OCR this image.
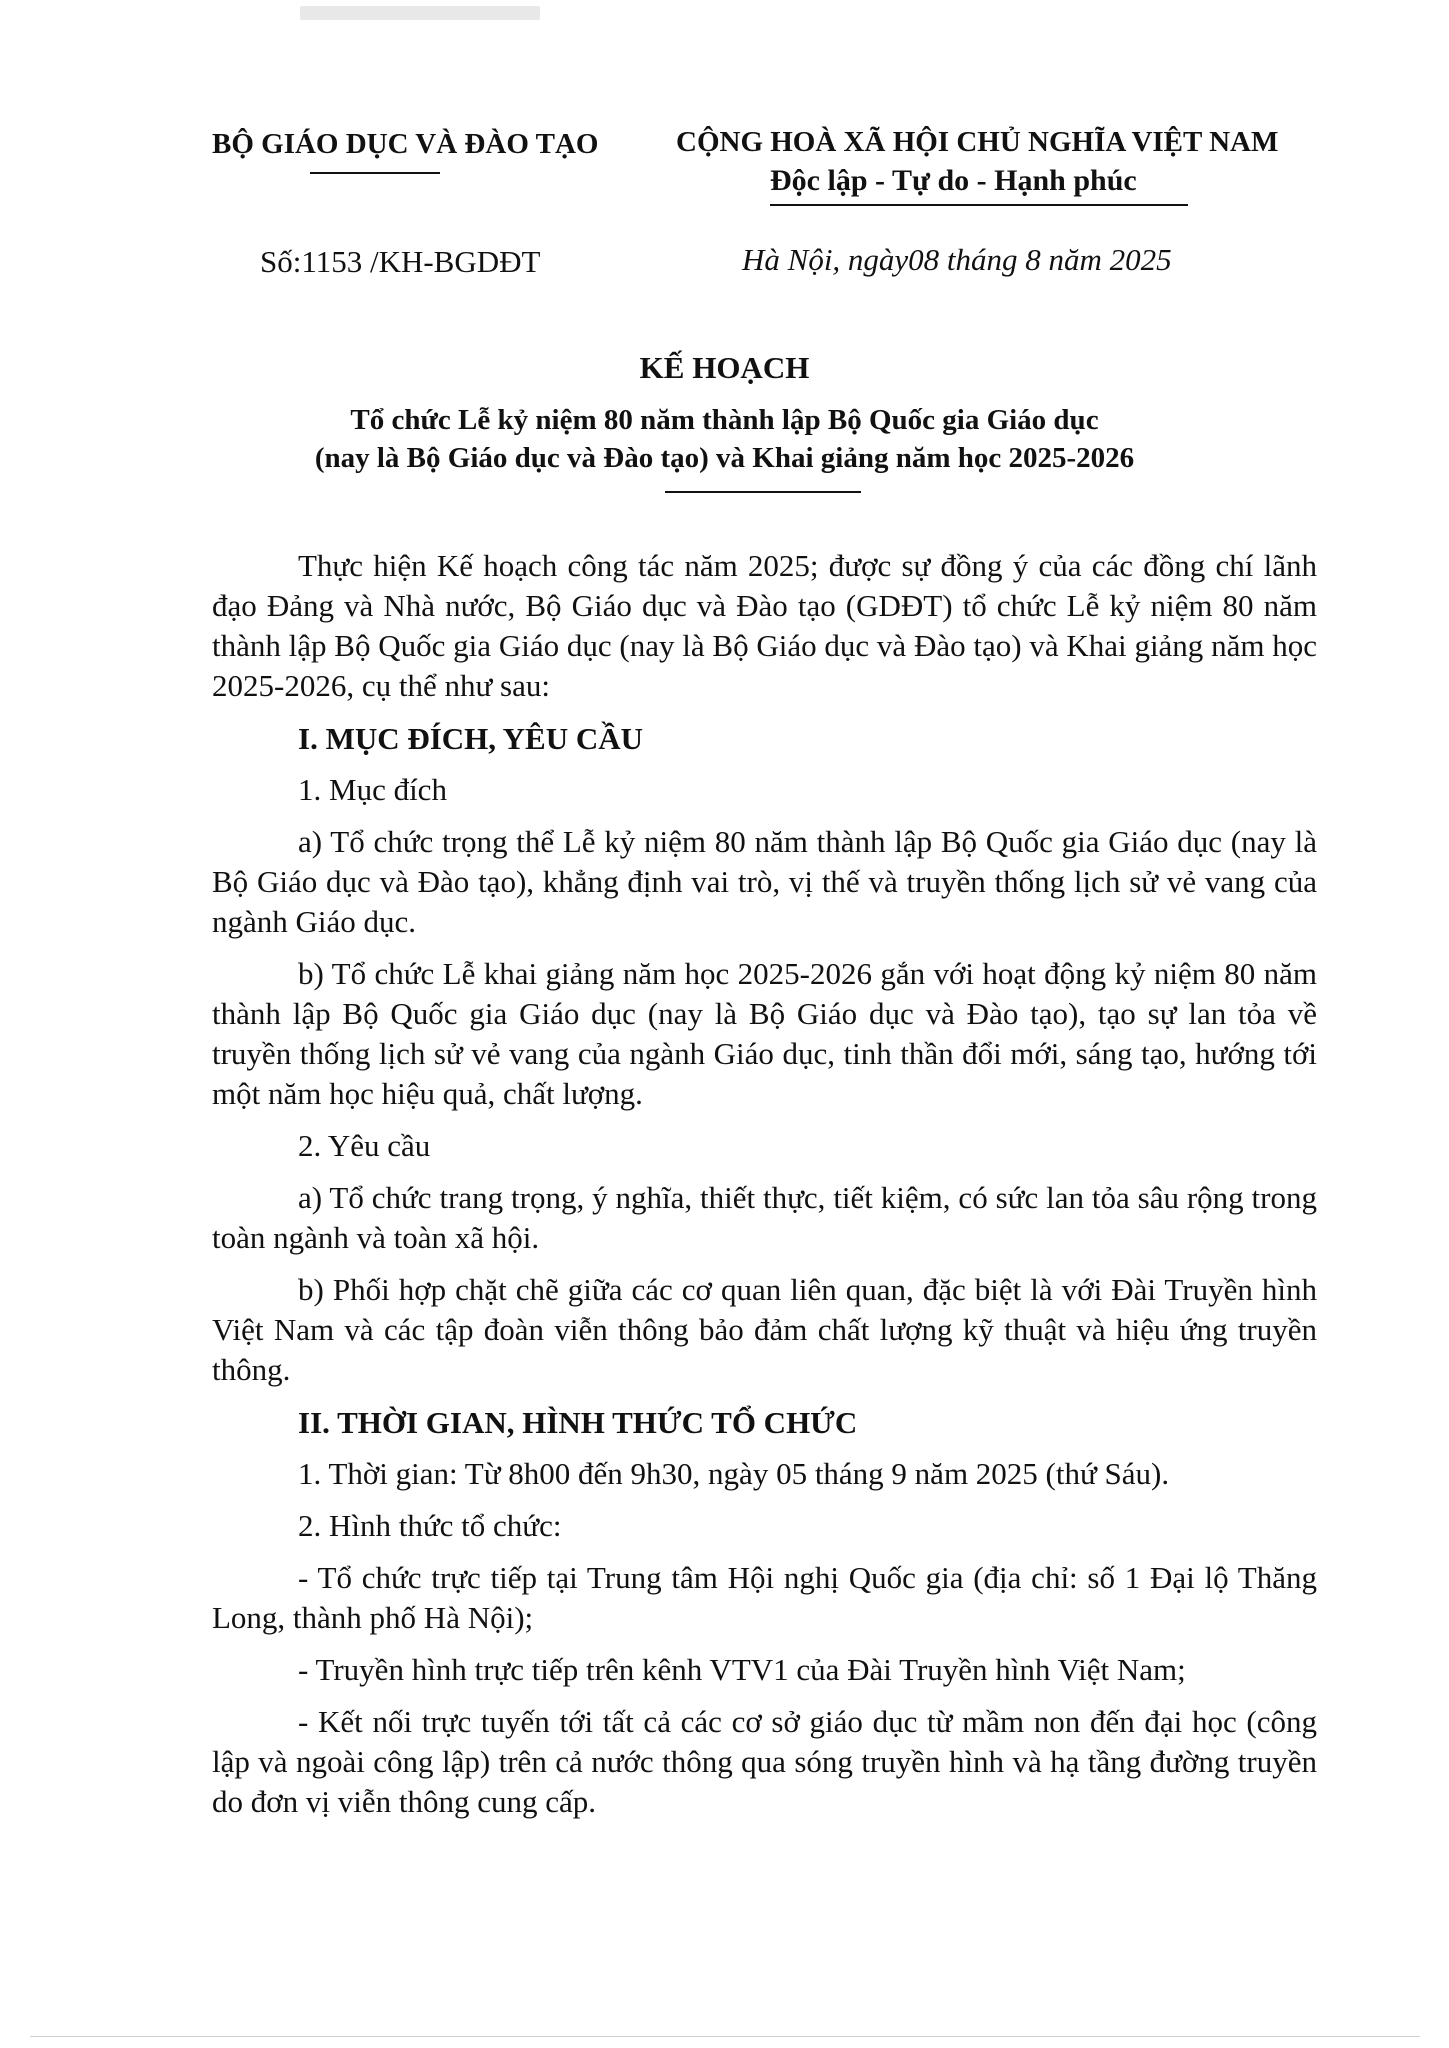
BỘ GIÁO DỤC VÀ ĐÀO TẠO	CỘNG HOÀ XÃ HỘI CHỦ NGHĨA VIỆT NAM
Độc lập - Tự do - Hạnh phúc
Số:1153 /KH-BGDĐT	Hà Nội, ngày08 tháng 8 năm 2025
KẾ HOẠCH
Tổ chức Lễ kỷ niệm 80 năm thành lập Bộ Quốc gia Giáo dục
(nay là Bộ Giáo dục và Đào tạo) và Khai giảng năm học 2025-2026

Thực hiện Kế hoạch công tác năm 2025; được sự đồng ý của các đồng chí lãnh đạo Đảng và Nhà nước, Bộ Giáo dục và Đào tạo (GDĐT) tổ chức Lễ kỷ niệm 80 năm thành lập Bộ Quốc gia Giáo dục (nay là Bộ Giáo dục và Đào tạo) và Khai giảng năm học 2025-2026, cụ thể như sau:

I. MỤC ĐÍCH, YÊU CẦU

1. Mục đích

a) Tổ chức trọng thể Lễ kỷ niệm 80 năm thành lập Bộ Quốc gia Giáo dục (nay là Bộ Giáo dục và Đào tạo), khẳng định vai trò, vị thế và truyền thống lịch sử vẻ vang của ngành Giáo dục.

b) Tổ chức Lễ khai giảng năm học 2025-2026 gắn với hoạt động kỷ niệm 80 năm thành lập Bộ Quốc gia Giáo dục (nay là Bộ Giáo dục và Đào tạo), tạo sự lan tỏa về truyền thống lịch sử vẻ vang của ngành Giáo dục, tinh thần đổi mới, sáng tạo, hướng tới một năm học hiệu quả, chất lượng.

2. Yêu cầu

a) Tổ chức trang trọng, ý nghĩa, thiết thực, tiết kiệm, có sức lan tỏa sâu rộng trong toàn ngành và toàn xã hội.

b) Phối hợp chặt chẽ giữa các cơ quan liên quan, đặc biệt là với Đài Truyền hình Việt Nam và các tập đoàn viễn thông bảo đảm chất lượng kỹ thuật và hiệu ứng truyền thông.

II. THỜI GIAN, HÌNH THỨC TỔ CHỨC

1. Thời gian: Từ 8h00 đến 9h30, ngày 05 tháng 9 năm 2025 (thứ Sáu).

2. Hình thức tổ chức:

- Tổ chức trực tiếp tại Trung tâm Hội nghị Quốc gia (địa chỉ: số 1 Đại lộ Thăng Long, thành phố Hà Nội);

- Truyền hình trực tiếp trên kênh VTV1 của Đài Truyền hình Việt Nam;

- Kết nối trực tuyến tới tất cả các cơ sở giáo dục từ mầm non đến đại học (công lập và ngoài công lập) trên cả nước thông qua sóng truyền hình và hạ tầng đường truyền do đơn vị viễn thông cung cấp.
